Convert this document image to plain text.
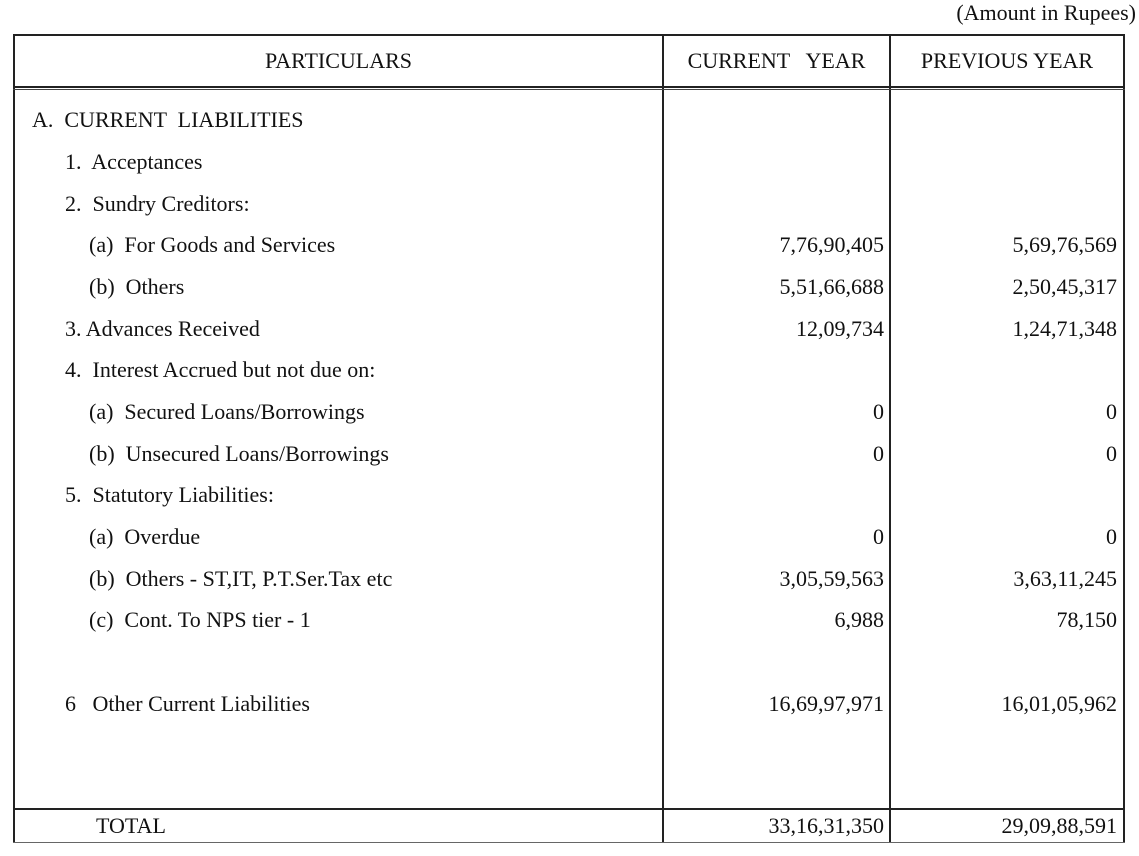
(Amount in Rupees)
PARTICULARS	CURRENT   YEAR	PREVIOUS YEAR
A.  CURRENT  LIABILITIES
1.  Acceptances
2.  Sundry Creditors:
(a)  For Goods and Services	7,76,90,405	5,69,76,569
(b)  Others	5,51,66,688	2,50,45,317
3. Advances Received	12,09,734	1,24,71,348
4.  Interest Accrued but not due on:
(a)  Secured Loans/Borrowings	0	0
(b)  Unsecured Loans/Borrowings	0	0
5.  Statutory Liabilities:
(a)  Overdue	0	0
(b)  Others - ST,IT, P.T.Ser.Tax etc	3,05,59,563	3,63,11,245
(c)  Cont. To NPS tier - 1	6,988	78,150
6   Other Current Liabilities	16,69,97,971	16,01,05,962
TOTAL	33,16,31,350	29,09,88,591
